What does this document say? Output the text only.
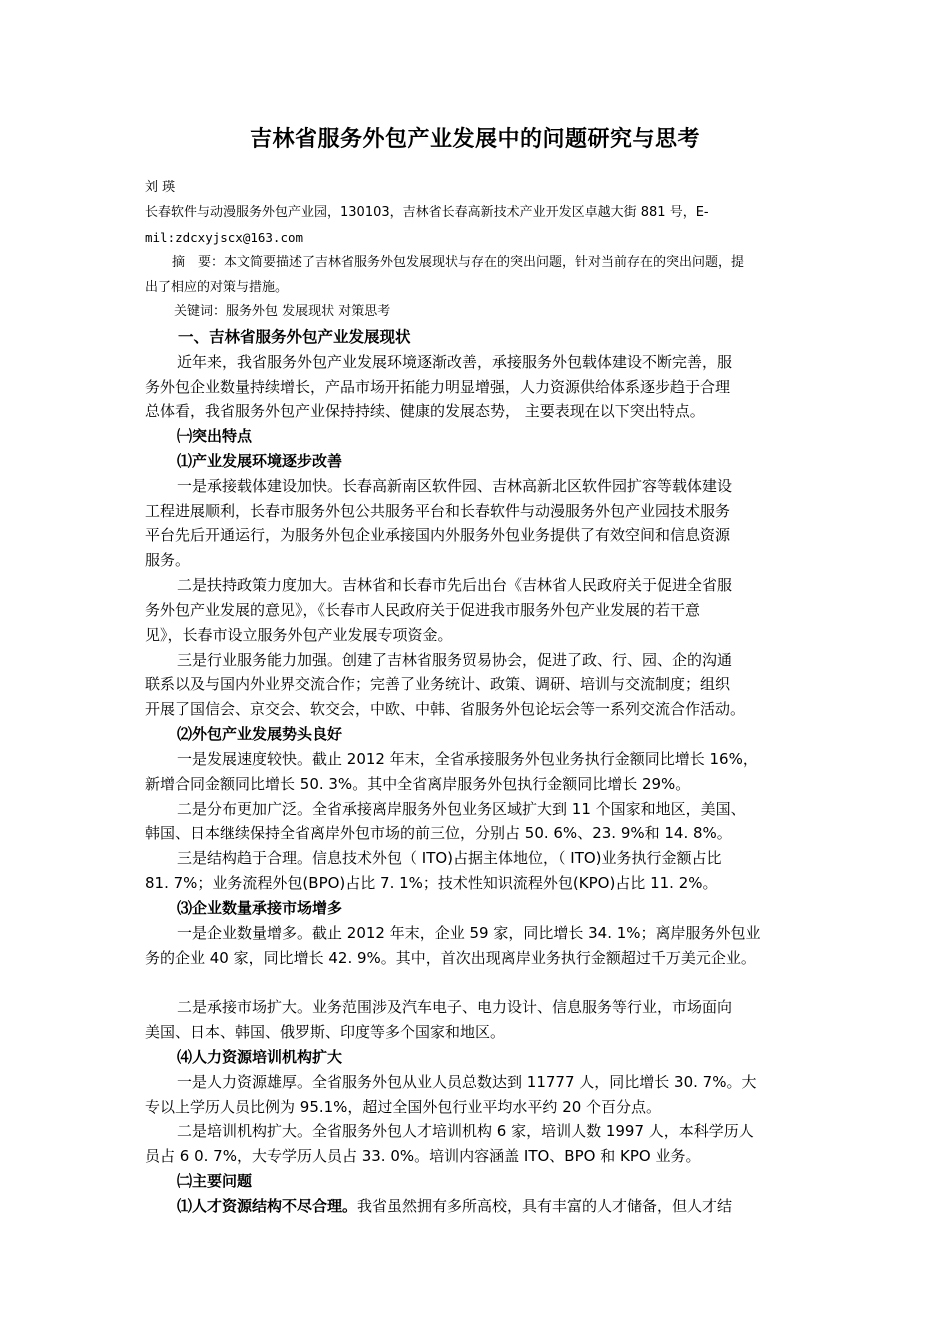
吉林省服务外包产业发展中的问题研究与思考
刘 瑛
长春软件与动漫服务外包产业园，130103，吉林省长春高新技术产业开发区卓越大街 881 号，E-
mil:zdcxyjscx@163.com
摘　要：本文简要描述了吉林省服务外包发展现状与存在的突出问题，针对当前存在的突出问题，提
出了相应的对策与措施。
关键词：服务外包 发展现状 对策思考
一、吉林省服务外包产业发展现状
近年来，我省服务外包产业发展环境逐渐改善，承接服务外包载体建设不断完善，服
务外包企业数量持续增长，产品市场开拓能力明显增强，人力资源供给体系逐步趋于合理
总体看，我省服务外包产业保持持续、健康的发展态势， 主要表现在以下突出特点。
㈠突出特点
⑴产业发展环境逐步改善
一是承接载体建设加快。长春高新南区软件园、吉林高新北区软件园扩容等载体建设
工程进展顺利，长春市服务外包公共服务平台和长春软件与动漫服务外包产业园技术服务
平台先后开通运行，为服务外包企业承接国内外服务外包业务提供了有效空间和信息资源
服务。
二是扶持政策力度加大。吉林省和长春市先后出台《吉林省人民政府关于促进全省服
务外包产业发展的意见》，《长春市人民政府关于促进我市服务外包产业发展的若干意
见》，长春市设立服务外包产业发展专项资金。
三是行业服务能力加强。创建了吉林省服务贸易协会，促进了政、行、园、企的沟通
联系以及与国内外业界交流合作；完善了业务统计、政策、调研、培训与交流制度；组织
开展了国信会、京交会、软交会，中欧、中韩、省服务外包论坛会等一系列交流合作活动。
⑵外包产业发展势头良好
一是发展速度较快。截止 2012 年末，全省承接服务外包业务执行金额同比增长 16%，
新增合同金额同比增长 50. 3%。其中全省离岸服务外包执行金额同比增长 29%。
二是分布更加广泛。全省承接离岸服务外包业务区域扩大到 11 个国家和地区，美国、
韩国、日本继续保持全省离岸外包市场的前三位，分别占 50. 6%、23. 9%和 14. 8%。
三是结构趋于合理。信息技术外包（ ITO)占据主体地位，（ ITO)业务执行金额占比
81. 7%；业务流程外包(BPO)占比 7. 1%；技术性知识流程外包(KPO)占比 11. 2%。
⑶企业数量承接市场增多
一是企业数量增多。截止 2012 年末，企业 59 家，同比增长 34. 1%；离岸服务外包业
务的企业 40 家，同比增长 42. 9%。其中，首次出现离岸业务执行金额超过千万美元企业。
二是承接市场扩大。业务范围涉及汽车电子、电力设计、信息服务等行业，市场面向
美国、日本、韩国、俄罗斯、印度等多个国家和地区。
⑷人力资源培训机构扩大
一是人力资源雄厚。全省服务外包从业人员总数达到 11777 人，同比增长 30. 7%。大
专以上学历人员比例为 95.1%，超过全国外包行业平均水平约 20 个百分点。
二是培训机构扩大。全省服务外包人才培训机构 6 家，培训人数 1997 人，本科学历人
员占 6 0. 7%，大专学历人员占 33. 0%。培训内容涵盖 ITO、BPO 和 KPO 业务。
㈡主要问题
⑴人才资源结构不尽合理。我省虽然拥有多所高校，具有丰富的人才储备，但人才结
